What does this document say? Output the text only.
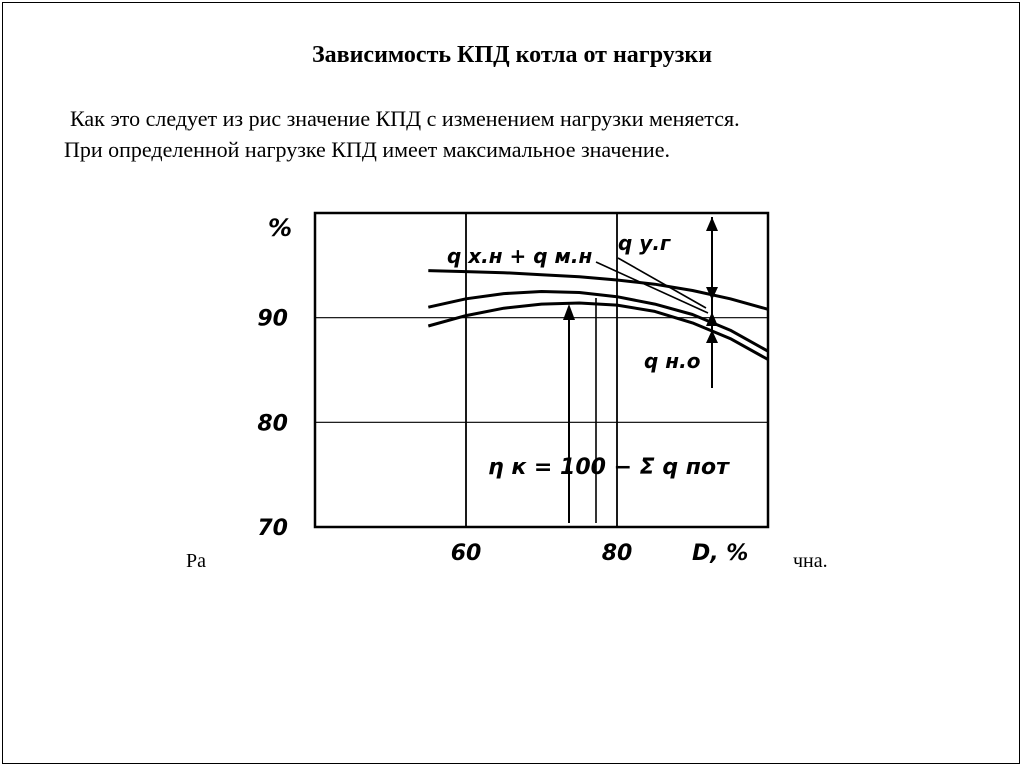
Зависимость КПД котла от нагрузки
Как это следует из рис значение КПД с изменением нагрузки меняется.
При определенной нагрузке КПД имеет максимальное значение.
60	80
70
80
90
%
D, %
q x.н + q м.н
q у.г
q н.о
η к = 100 − Σ q пот
Ра	чна.
